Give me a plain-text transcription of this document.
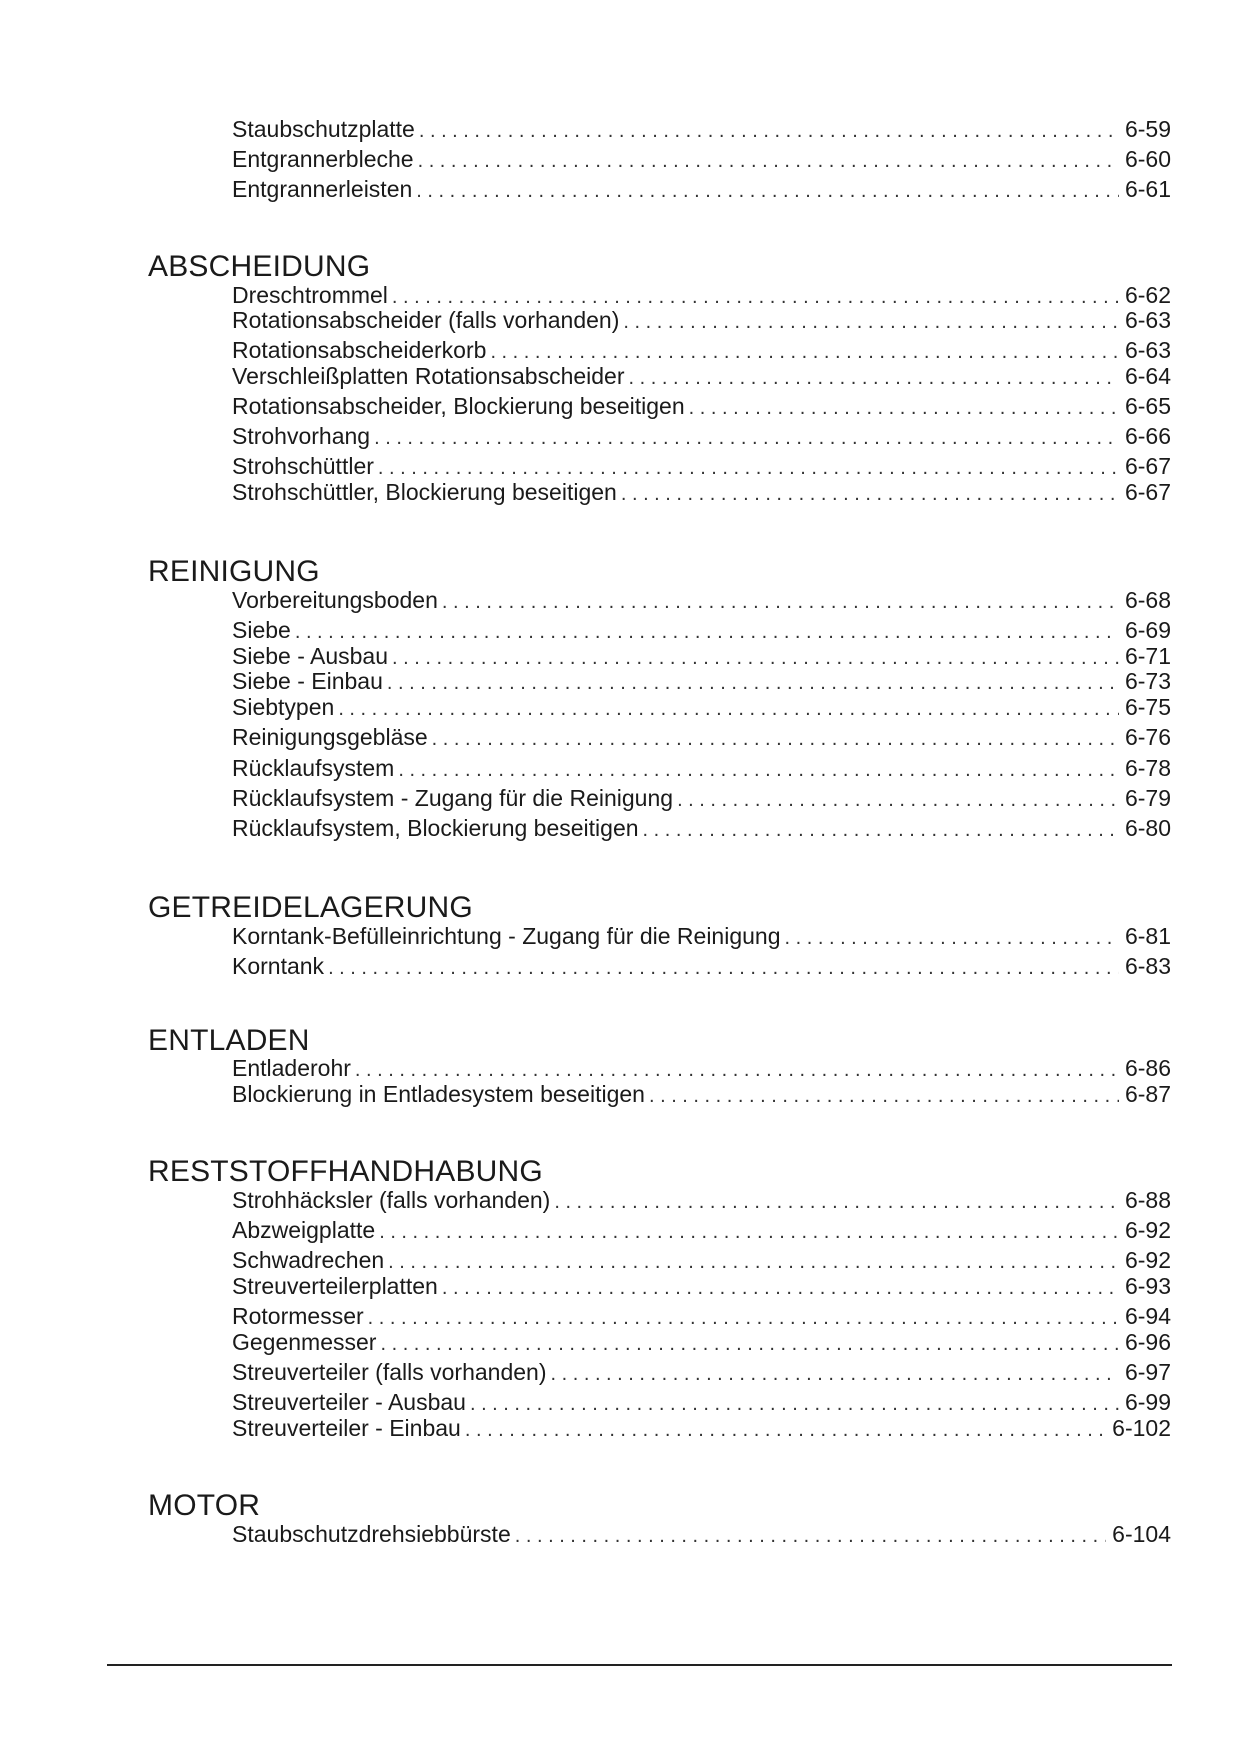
Staubschutzplatte . . .	6-59
Entgrannerbleche . . .	6-60
Entgrannerleisten . . .	6-61
ABSCHEIDUNG
Dreschtrommel . . .	6-62
Rotationsabscheider (falls vorhanden) . . .	6-63
Rotationsabscheiderkorb . . .	6-63
Verschleißplatten Rotationsabscheider . . .	6-64
Rotationsabscheider, Blockierung beseitigen . . .	6-65
Strohvorhang . . .	6-66
Strohschüttler . . .	6-67
Strohschüttler, Blockierung beseitigen . . .	6-67
REINIGUNG
Vorbereitungsboden . . .	6-68
Siebe . . .	6-69
Siebe - Ausbau . . .	6-71
Siebe - Einbau . . .	6-73
Siebtypen . . .	6-75
Reinigungsgebläse . . .	6-76
Rücklaufsystem . . .	6-78
Rücklaufsystem - Zugang für die Reinigung . . .	6-79
Rücklaufsystem, Blockierung beseitigen . . .	6-80
GETREIDELAGERUNG
Korntank-Befülleinrichtung - Zugang für die Reinigung . . .	6-81
Korntank . . .	6-83
ENTLADEN
Entladerohr . . .	6-86
Blockierung in Entladesystem beseitigen . . .	6-87
RESTSTOFFHANDHABUNG
Strohhäcksler (falls vorhanden) . . .	6-88
Abzweigplatte . . .	6-92
Schwadrechen . . .	6-92
Streuverteilerplatten . . .	6-93
Rotormesser . . .	6-94
Gegenmesser . . .	6-96
Streuverteiler (falls vorhanden) . . .	6-97
Streuverteiler - Ausbau . . .	6-99
Streuverteiler - Einbau . . .	6-102
MOTOR
Staubschutzdrehsiebbürste . . .	6-104
